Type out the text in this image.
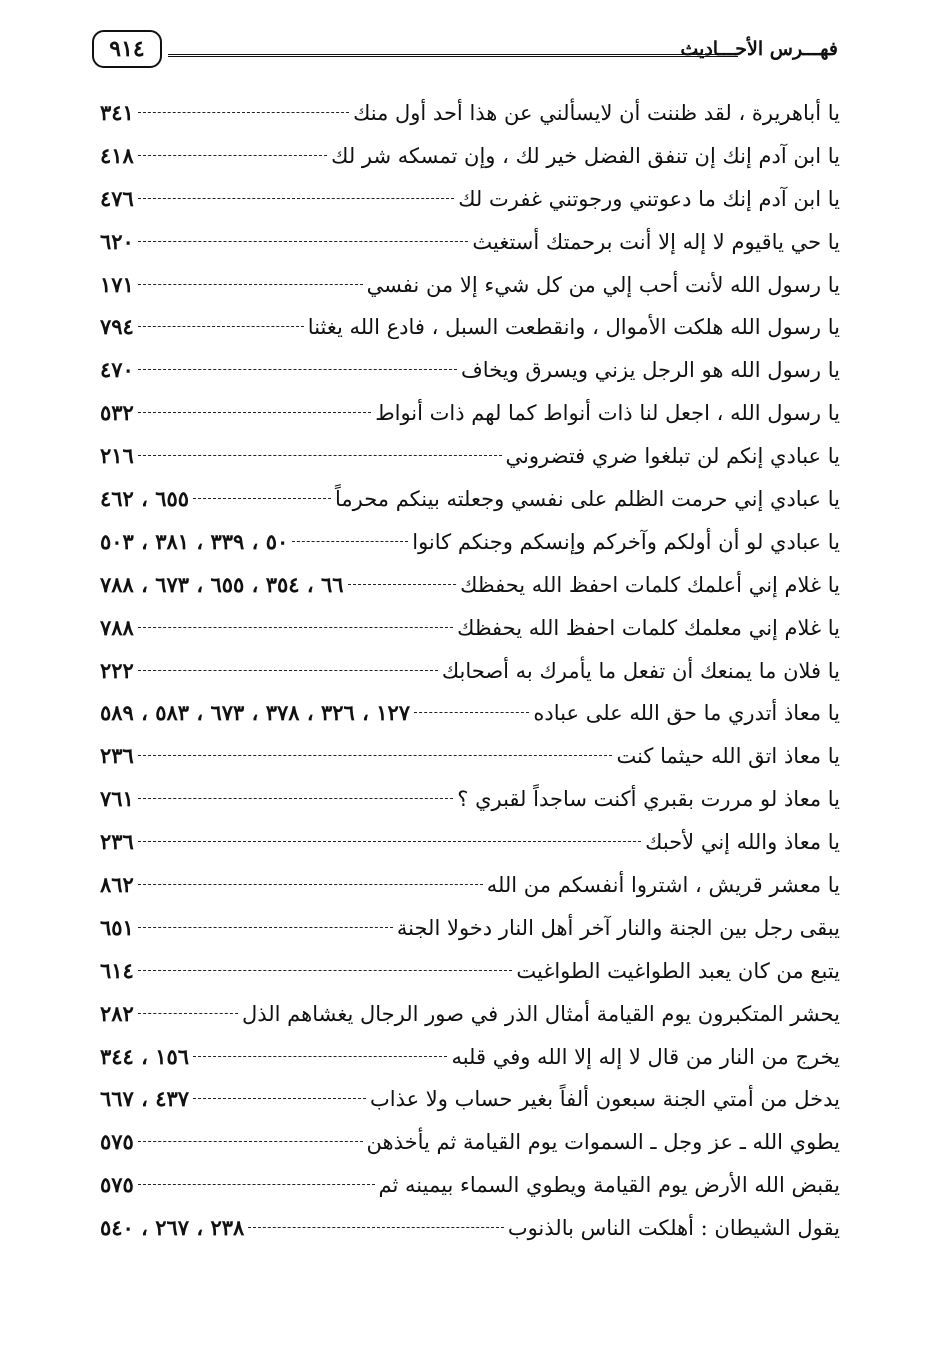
٩١٤	فهـــرس الأحـــاديث
يا أباهريرة ، لقد ظننت أن لايسألني عن هذا أحد أول منك
٣٤١
يا ابن آدم إنك إن تنفق الفضل خير لك ، وإن تمسكه شر لك
٤١٨
يا ابن آدم إنك ما دعوتني ورجوتني غفرت لك
٤٧٦
يا حي ياقيوم لا إله إلا أنت برحمتك أستغيث
٦٢٠
يا رسول الله لأنت أحب إلي من كل شيء إلا من نفسي
١٧١
يا رسول الله هلكت الأموال ، وانقطعت السبل ، فادع الله يغثنا
٧٩٤
يا رسول الله هو الرجل يزني ويسرق ويخاف
٤٧٠
يا رسول الله ، اجعل لنا ذات أنواط كما لهم ذات أنواط
٥٣٢
يا عبادي إنكم لن تبلغوا ضري فتضروني
٢١٦
يا عبادي إني حرمت الظلم على نفسي وجعلته بينكم محرماً
٦٥٥ ، ٤٦٢
يا عبادي لو أن أولكم وآخركم وإنسكم وجنكم كانوا
٥٠ ، ٣٣٩ ، ٣٨١ ، ٥٠٣
يا غلام إني أعلمك كلمات احفظ الله يحفظك
٦٦ ، ٣٥٤ ، ٦٥٥ ، ٦٧٣ ، ٧٨٨
يا غلام إني معلمك كلمات احفظ الله يحفظك
٧٨٨
يا فلان ما يمنعك أن تفعل ما يأمرك به أصحابك
٢٢٢
يا معاذ أتدري ما حق الله على عباده
١٢٧ ، ٣٢٦ ، ٣٧٨ ، ٦٧٣ ، ٥٨٣ ، ٥٨٩
يا معاذ اتق الله حيثما كنت
٢٣٦
يا معاذ لو مررت بقبري أكنت ساجداً لقبري ؟
٧٦١
يا معاذ والله إني لأحبك
٢٣٦
يا معشر قريش ، اشتروا أنفسكم من الله
٨٦٢
يبقى رجل بين الجنة والنار آخر أهل النار دخولا الجنة
٦٥١
يتبع من كان يعبد الطواغيت الطواغيت
٦١٤
يحشر المتكبرون يوم القيامة أمثال الذر في صور الرجال يغشاهم الذل
٢٨٢
يخرج من النار من قال لا إله إلا الله وفي قلبه
١٥٦ ، ٣٤٤
يدخل من أمتي الجنة سبعون ألفاً بغير حساب ولا عذاب
٤٣٧ ، ٦٦٧
يطوي الله ـ عز وجل ـ السموات يوم القيامة ثم يأخذهن
٥٧٥
يقبض الله الأرض يوم القيامة ويطوي السماء بيمينه ثم
٥٧٥
يقول الشيطان : أهلكت الناس بالذنوب
٢٣٨ ، ٢٦٧ ، ٥٤٠
